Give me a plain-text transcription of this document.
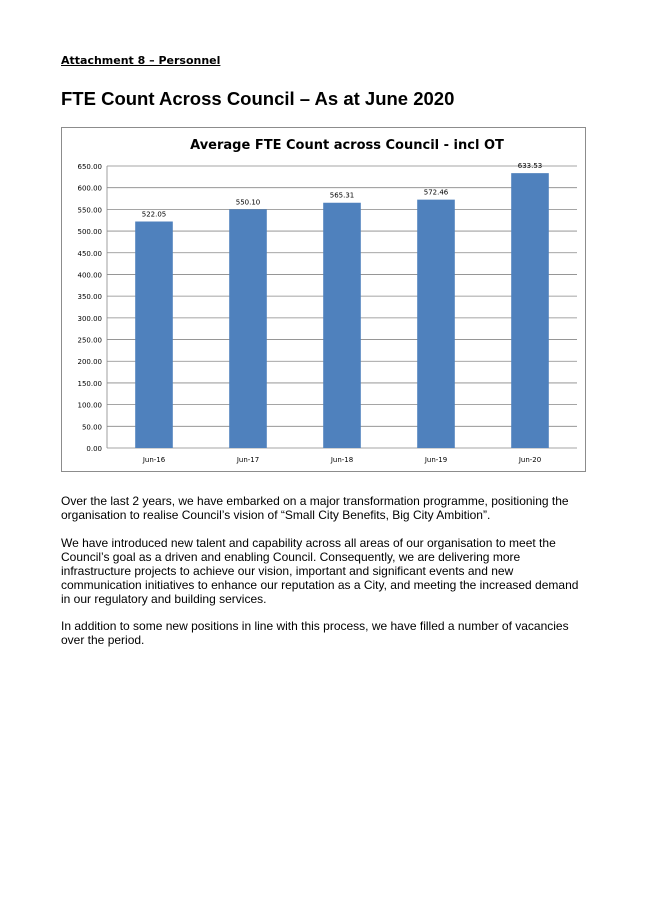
Attachment 8 – Personnel
FTE Count Across Council – As at June 2020
Average FTE Count across Council - incl OT
0.00
50.00
100.00
150.00
200.00
250.00
300.00
350.00
400.00
450.00
500.00
550.00
600.00
650.00
522.05
Jun-16
550.10
Jun-17
565.31
Jun-18
572.46
Jun-19
633.53
Jun-20

Over the last 2 years, we have embarked on a major transformation programme, positioning the organisation to realise Council’s vision of “Small City Benefits, Big City Ambition”.

We have introduced new talent and capability across all areas of our organisation to meet the Council’s goal as a driven and enabling Council. Consequently, we are delivering more infrastructure projects to achieve our vision, important and significant events and new communication initiatives to enhance our reputation as a City, and meeting the increased demand in our regulatory and building services.

In addition to some new positions in line with this process, we have filled a number of vacancies over the period.
